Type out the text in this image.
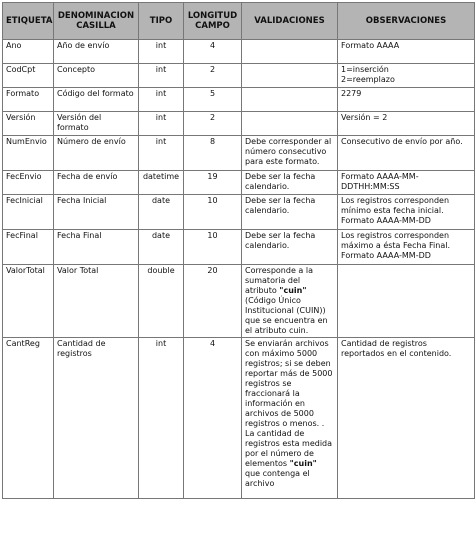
ETIQUETA	DENOMINACION CASILLA	TIPO	LONGITUD CAMPO	VALIDACIONES	OBSERVACIONES
Ano	Año de envío	int	4		Formato AAAA
CodCpt	Concepto	int	2		1=inserción
2=reemplazo
Formato	Código del formato	int	5		2279
Versión	Versión del formato	int	2		Versión = 2
NumEnvio	Número de envío	int	8	Debe corresponder al número consecutivo para este formato.	Consecutivo de envío por año.
FecEnvio	Fecha de envío	datetime	19	Debe ser la fecha calendario.	Formato AAAA-MM-DDTHH:MM:SS
FecInicial	Fecha Inicial	date	10	Debe ser la fecha calendario.	Los registros corresponden mínimo esta fecha inicial. Formato AAAA-MM-DD
FecFinal	Fecha Final	date	10	Debe ser la fecha calendario.	Los registros corresponden máximo a ésta Fecha Final. Formato AAAA-MM-DD
ValorTotal	Valor Total	double	20	Corresponde a la sumatoria del atributo "cuin" (Código Único Institucional (CUIN)) que se encuentra en el atributo cuin.	
CantReg	Cantidad de registros	int	4	Se enviarán archivos con máximo 5000 registros; si se deben reportar más de 5000 registros se fraccionará la información en archivos de 5000 registros o menos. . La cantidad de registros esta medida por el número de elementos "cuin" que contenga el archivo	Cantidad de registros reportados en el contenido.
